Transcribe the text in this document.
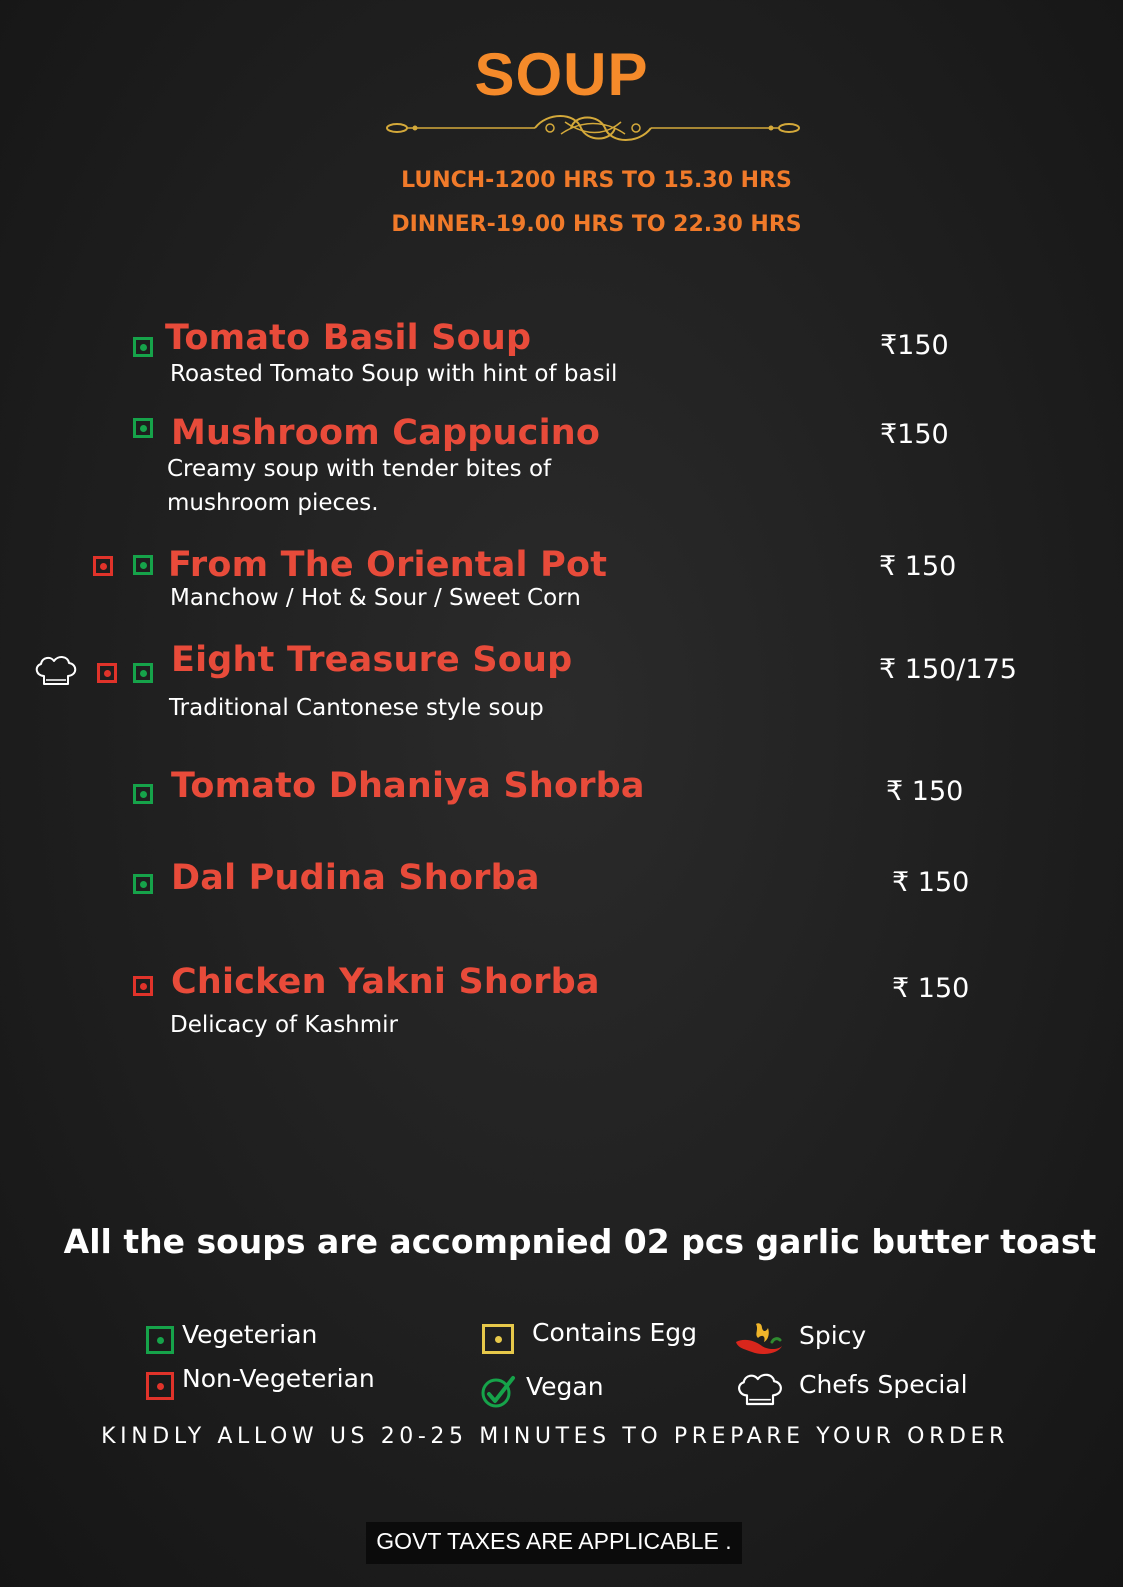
SOUP
LUNCH-1200 HRS TO 15.30 HRS
DINNER-19.00 HRS TO 22.30 HRS
Tomato Basil Soup
Roasted Tomato Soup with hint of basil
₹150
Mushroom Cappucino
Creamy soup with tender bites of
mushroom pieces.
₹150
From The Oriental Pot
Manchow / Hot & Sour / Sweet Corn
₹ 150
Eight Treasure Soup
Traditional Cantonese style soup
₹ 150/175
Tomato Dhaniya Shorba	₹ 150
Dal Pudina Shorba	₹ 150
Chicken Yakni Shorba
Delicacy of Kashmir
₹ 150
All the soups are accompnied 02 pcs garlic butter toast
Vegeterian
Non-Vegeterian
Contains Egg
Vegan
Spicy
Chefs Special
KINDLY ALLOW US 20-25 MINUTES TO PREPARE YOUR ORDER
GOVT TAXES ARE APPLICABLE .
